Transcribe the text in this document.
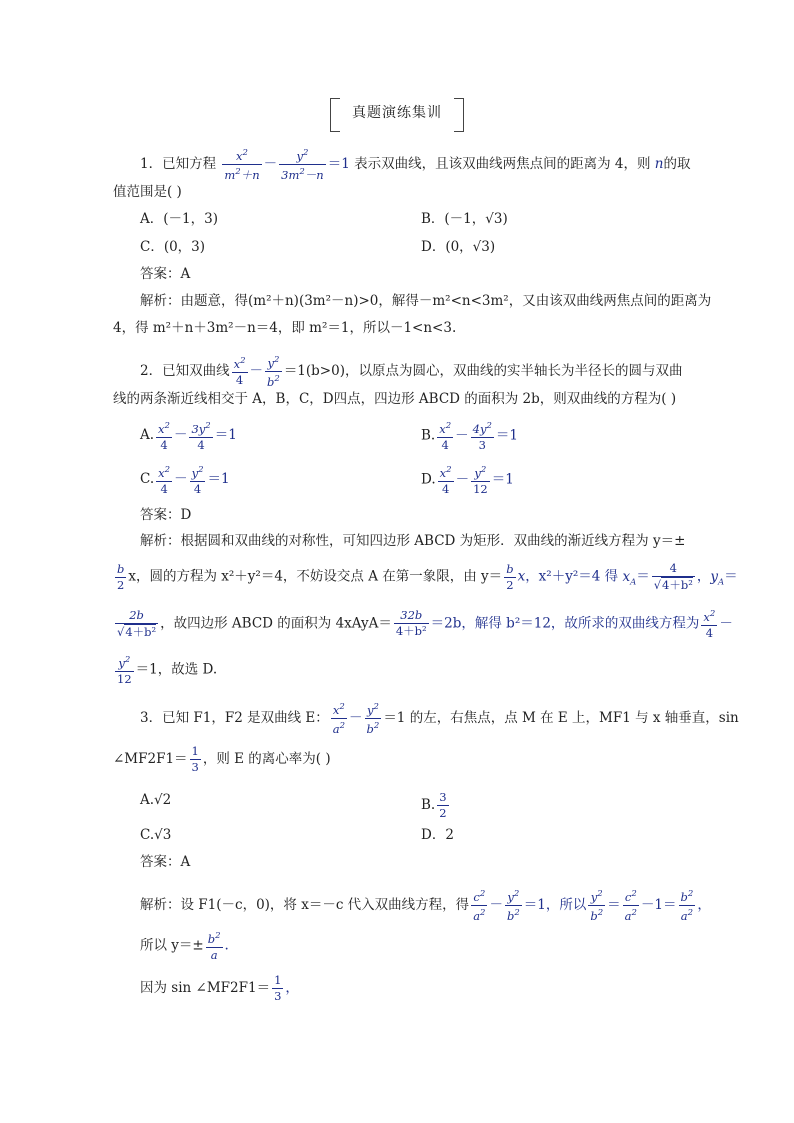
真题演练集训
1．已知方程 $\frac{x^2}{m^2+n} - \frac{y^2}{3m^2-n} =1$ 表示双曲线，且该双曲线两焦点间的距离为 4，则 n的取
值范围是( )
A．(－1，3)	B．(－1，√3)
C．(0，3)	D．(0，√3)
答案：A
解析：由题意，得(m²＋n)(3m²－n)>0，解得－m²<n<3m²，又由该双曲线两焦点间的距离为
4，得 m²＋n＋3m²－n＝4，即 m²＝1，所以－1<n<3.
2．已知双曲线 $\frac{x^2}{4} - \frac{y^2}{b^2} =1(b>0)$，以原点为圆心，双曲线的实半轴长为半径长的圆与双曲
线的两条渐近线相交于 A，B，C，D四点，四边形 ABCD 的面积为 2b，则双曲线的方程为( )
A. $\frac{x^2}{4} - \frac{3y^2}{4} =1$	B. $\frac{x^2}{4} - \frac{4y^2}{3} =1$
C. $\frac{x^2}{4} - \frac{y^2}{4} =1$	D. $\frac{x^2}{4} - \frac{y^2}{12} =1$
答案：D
解析：根据圆和双曲线的对称性，可知四边形 ABCD 为矩形．双曲线的渐近线方程为 y＝±
$\frac{b}{2}$ x，圆的方程为 x²＋y²＝4，不妨设交点 A 在第一象限，由 $y= \frac{b}{2}$ x，x²＋y²＝4 得 $x_A= \frac{4}{\text{√4＋b²}}$ ，$y_A=$
$\frac{2b}{\text{√4＋b²}}$ ，故四边形 ABCD 的面积为 4xAyA＝ $\frac{32b}{\text{4＋b²}} =2b$，解得 b²＝12，故所求的双曲线方程为 $\frac{x^2}{4}$ －
$\frac{y^2}{12} =1$，故选 D.
3．已知 F1，F2 是双曲线 E： $\frac{x^2}{a^2} - \frac{y^2}{b^2} =1$ 的左，右焦点，点 M 在 E 上，MF1 与 x 轴垂直，sin
∠MF2F1＝ $\frac{1}{3}$ ，则 E 的离心率为( )
A.√2	B. $\frac{3}{2}$
C.√3	D．2
答案：A
解析：设 F1(－c，0)，将 x＝－c 代入双曲线方程，得 $\frac{c^2}{a^2} - \frac{y^2}{b^2} =1$，所以 $\frac{y^2}{b^2} = \frac{c^2}{a^2} -1= \frac{b^2}{a^2}$ ，
所以 $y=\pm \frac{b^2}{a}$ .
因为 sin ∠MF2F1＝ $\frac{1}{3}$ ，
